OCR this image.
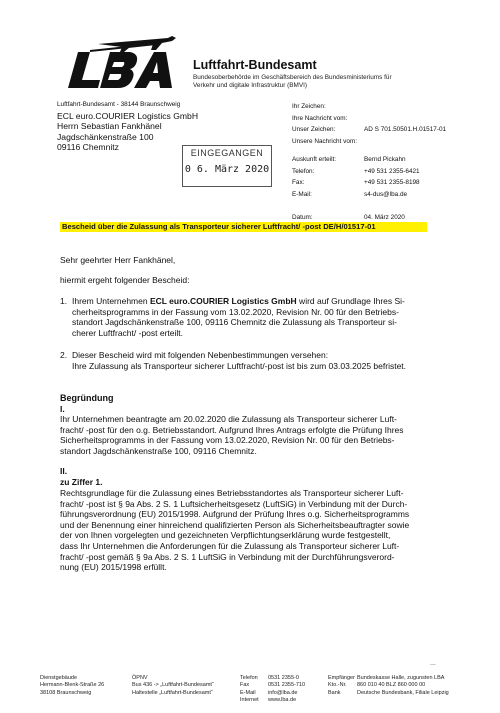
Luftfahrt-Bundesamt
Bundesoberbehörde im Geschäftsbereich des Bundesministeriums für
Verkehr und digitale Infrastruktur (BMVI)
Luftfahrt-Bundesamt - 38144 Braunschweig
ECL euro.COURIER Logistics GmbH
Herrn Sebastian Fankhänel
Jagdschänkenstraße 100
09116 Chemnitz
Ihr Zeichen:
Ihre Nachricht vom:
Unser Zeichen:
Unsere Nachricht vom:

AD S 701.50501.H.01517-01

EINGEGANGEN
0 6. März 2020
Auskunft erteilt:
Telefon:
Fax:
E-Mail:

Datum:
Bernd Pickahn
+49 531 2355-6421
+49 531 2355-8198
s4-dus@lba.de

04. März 2020
Bescheid über die Zulassung als Transporteur sicherer Luftfracht/ -post DE/H/01517-01
Sehr geehrter Herr Fankhänel,
hiermit ergeht folgender Bescheid:
1. Ihrem Unternehmen ECL euro.COURIER Logistics GmbH wird auf Grundlage Ihres Si-
cherheitsprogramms in der Fassung vom 13.02.2020, Revision Nr. 00 für den Betriebs-
standort Jagdschänkenstraße 100, 09116 Chemnitz die Zulassung als Transporteur si-
cherer Luftfracht/ -post erteilt.
2. Dieser Bescheid wird mit folgenden Nebenbestimmungen versehen:
Ihre Zulassung als Transporteur sicherer Luftfracht/-post ist bis zum 03.03.2025 befristet.
Begründung
I.
Ihr Unternehmen beantragte am 20.02.2020 die Zulassung als Transporteur sicherer Luft-
fracht/ -post für den o.g. Betriebsstandort. Aufgrund Ihres Antrags erfolgte die Prüfung Ihres
Sicherheitsprogramms in der Fassung vom 13.02.2020, Revision Nr. 00 für den Betriebs-
standort Jagdschänkenstraße 100, 09116 Chemnitz.
II.
zu Ziffer 1.
Rechtsgrundlage für die Zulassung eines Betriebsstandortes als Transporteur sicherer Luft-
fracht/ -post ist § 9a Abs. 2 S. 1 Luftsicherheitsgesetz (LuftSiG) in Verbindung mit der Durch-
führungsverordnung (EU) 2015/1998. Aufgrund der Prüfung Ihres o.g. Sicherheitsprogramms
und der Benennung einer hinreichend qualifizierten Person als Sicherheitsbeauftragter sowie
der von Ihnen vorgelegten und gezeichneten Verpflichtungserklärung wurde festgestellt,
dass Ihr Unternehmen die Anforderungen für die Zulassung als Transporteur sicherer Luft-
fracht/ -post gemäß § 9a Abs. 2 S. 1 LuftSiG in Verbindung mit der Durchführungsverord-
nung (EU) 2015/1998 erfüllt.
...
Dienstgebäude
Hermann-Blenk-Straße 26
38108 Braunschweig
ÖPNV
Bus 436 -> „Luftfahrt-Bundesamt“
Haltestelle „Luftfahrt-Bundesamt“
Telefon
Fax
E-Mail
Internet
0531 2355-0
0531 2355-710
info@lba.de
www.lba.de
Empfänger
Kto.-Nr.
Bank
Bundeskasse Halle, zugunsten LBA
860 010 40 BLZ 860 000 00
Deutsche Bundesbank, Filiale Leipzig
